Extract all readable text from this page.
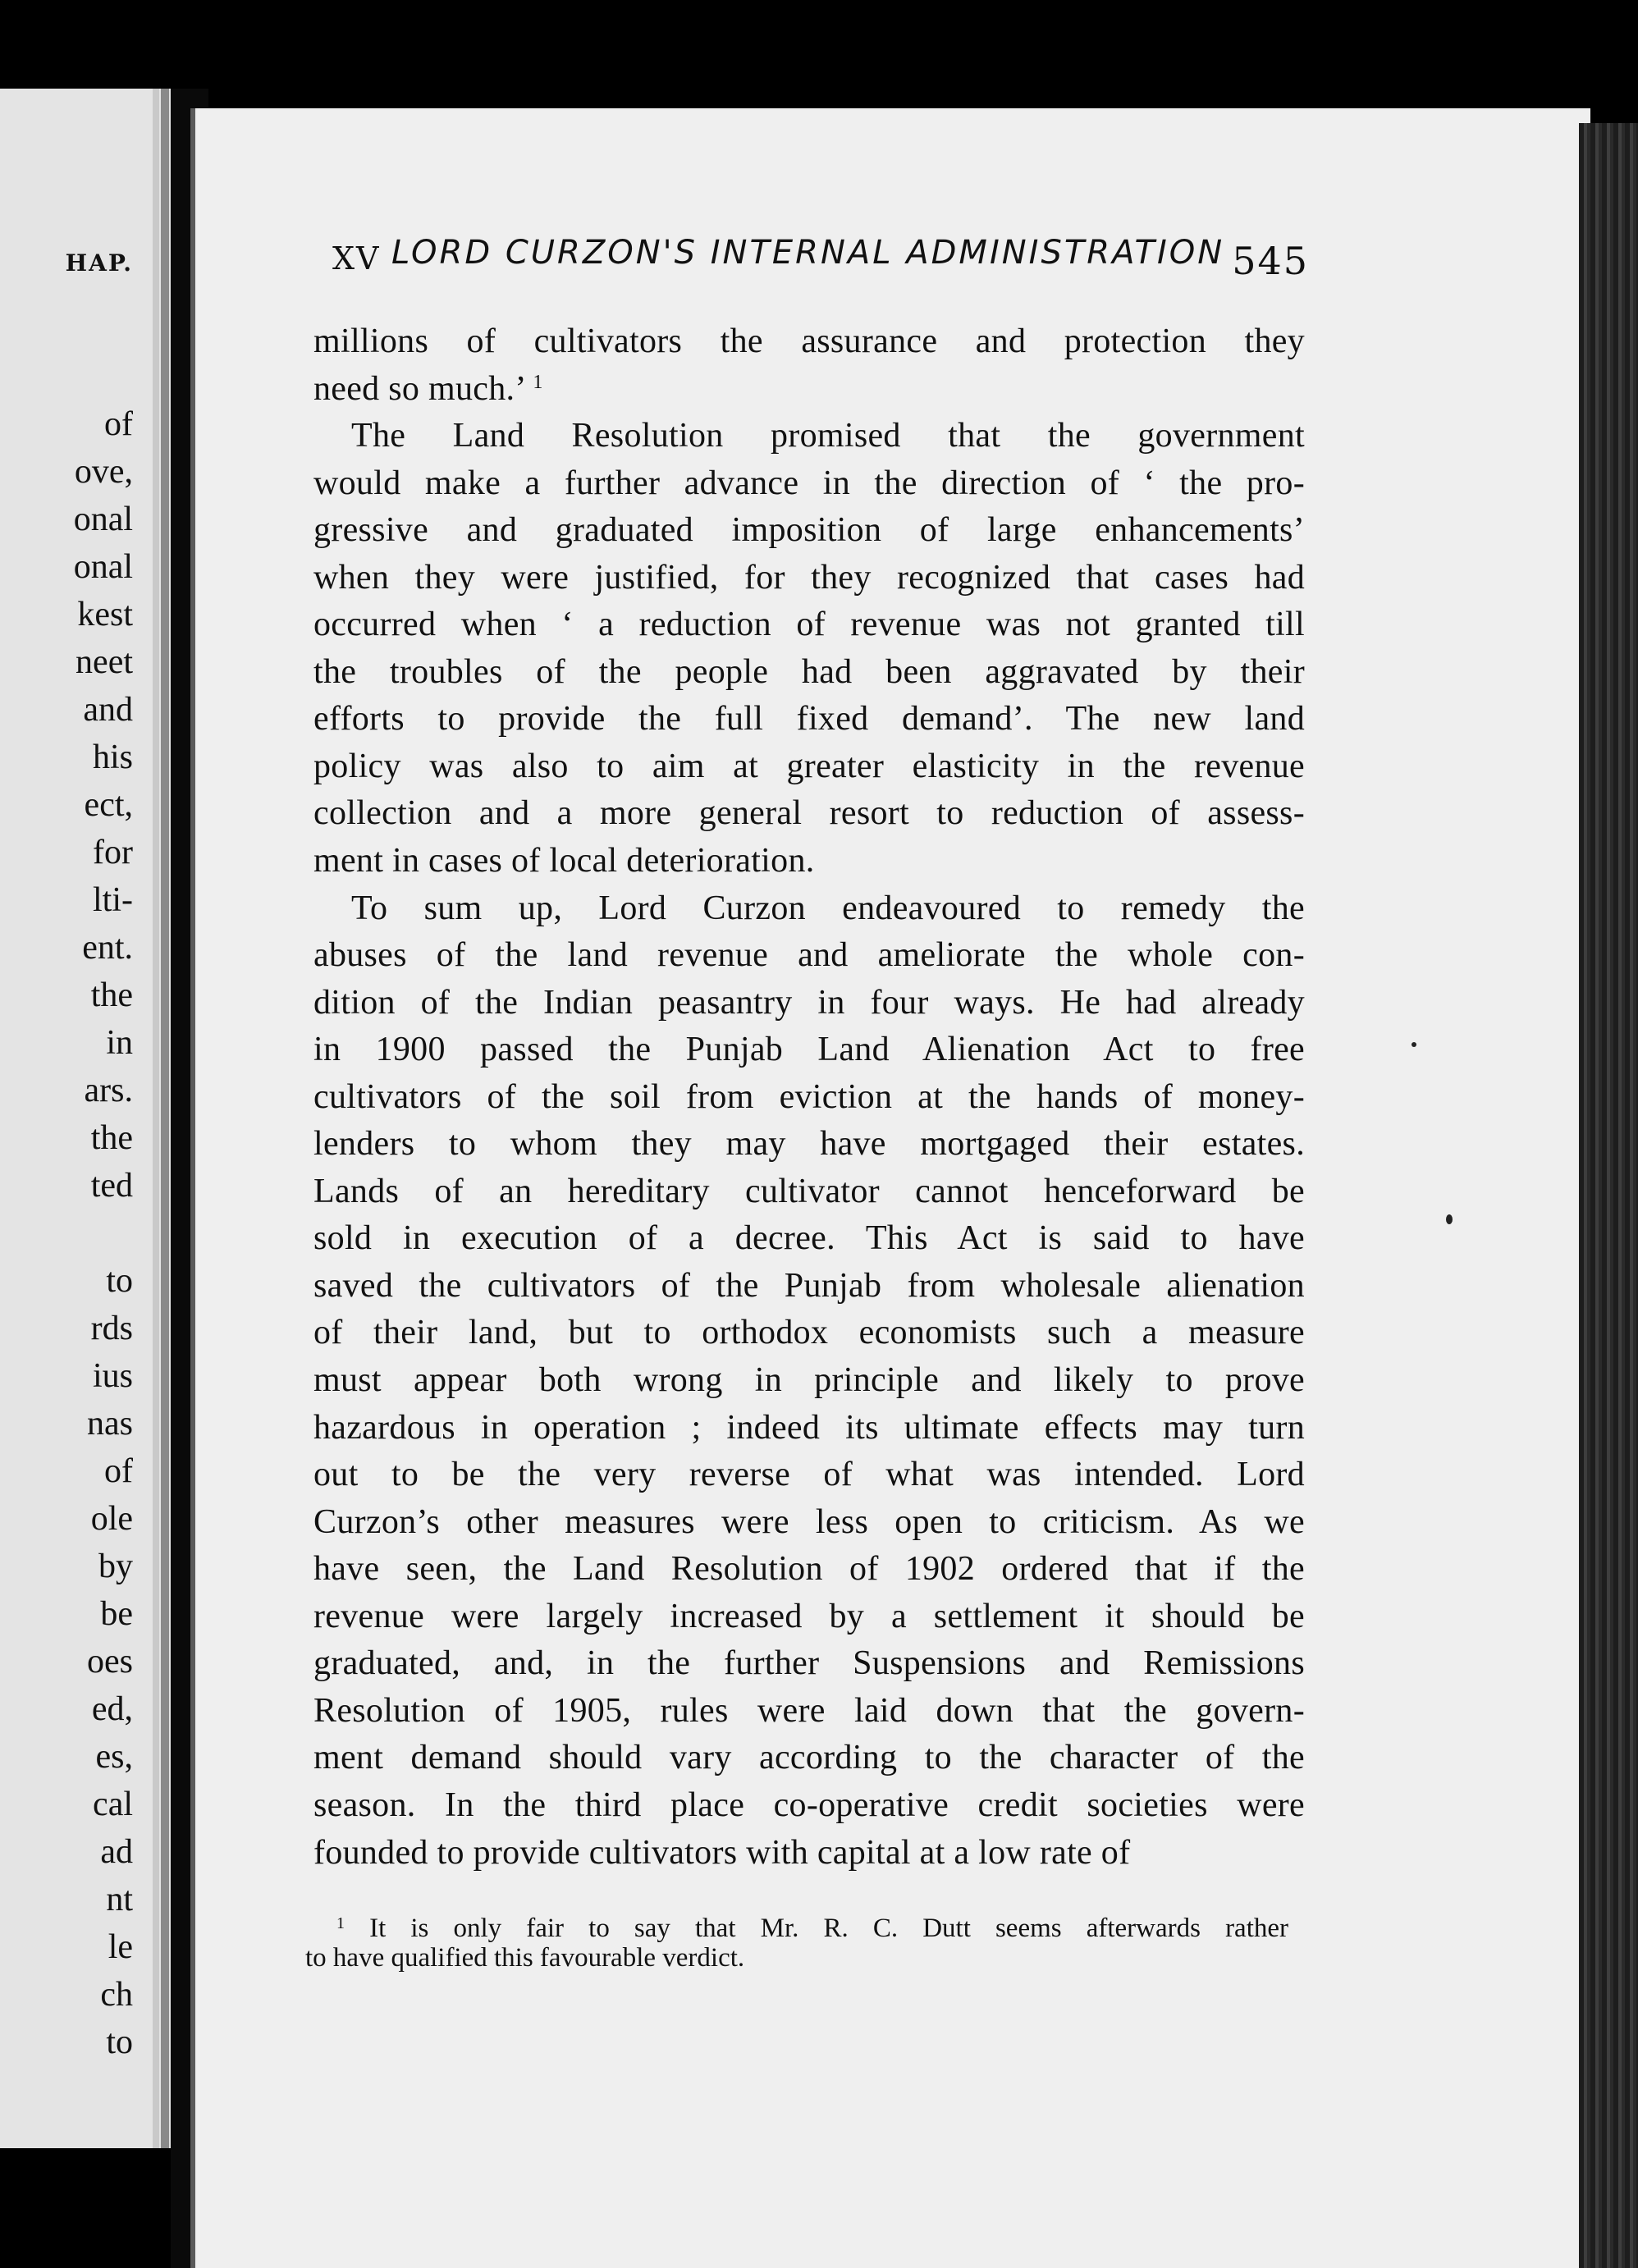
HAP.
of
ove,
onal
onal
kest
neet
and
his
ect,
for
lti-
ent.
the
in
ars.
the
ted
to
rds
ius
nas
of
ole
by
be
oes
ed,
es,
cal
ad
nt
le
ch
to
XV LORD CURZON'S INTERNAL ADMINISTRATION 545
millions of cultivators the assurance and protection they
need so much.’ $^1$
The Land Resolution promised that the government
would make a further advance in the direction of ‘ the pro-
gressive and graduated imposition of large enhancements’
when they were justified, for they recognized that cases had
occurred when ‘ a reduction of revenue was not granted till
the troubles of the people had been aggravated by their
efforts to provide the full fixed demand’. The new land
policy was also to aim at greater elasticity in the revenue
collection and a more general resort to reduction of assess-
ment in cases of local deterioration.
To sum up, Lord Curzon endeavoured to remedy the
abuses of the land revenue and ameliorate the whole con-
dition of the Indian peasantry in four ways. He had already
in 1900 passed the Punjab Land Alienation Act to free
cultivators of the soil from eviction at the hands of money-
lenders to whom they may have mortgaged their estates.
Lands of an hereditary cultivator cannot henceforward be
sold in execution of a decree. This Act is said to have
saved the cultivators of the Punjab from wholesale alienation
of their land, but to orthodox economists such a measure
must appear both wrong in principle and likely to prove
hazardous in operation ; indeed its ultimate effects may turn
out to be the very reverse of what was intended. Lord
Curzon’s other measures were less open to criticism. As we
have seen, the Land Resolution of 1902 ordered that if the
revenue were largely increased by a settlement it should be
graduated, and, in the further Suspensions and Remissions
Resolution of 1905, rules were laid down that the govern-
ment demand should vary according to the character of the
season. In the third place co-operative credit societies were
founded to provide cultivators with capital at a low rate of
$^1$ It is only fair to say that Mr. R. C. Dutt seems afterwards rather
to have qualified this favourable verdict.
